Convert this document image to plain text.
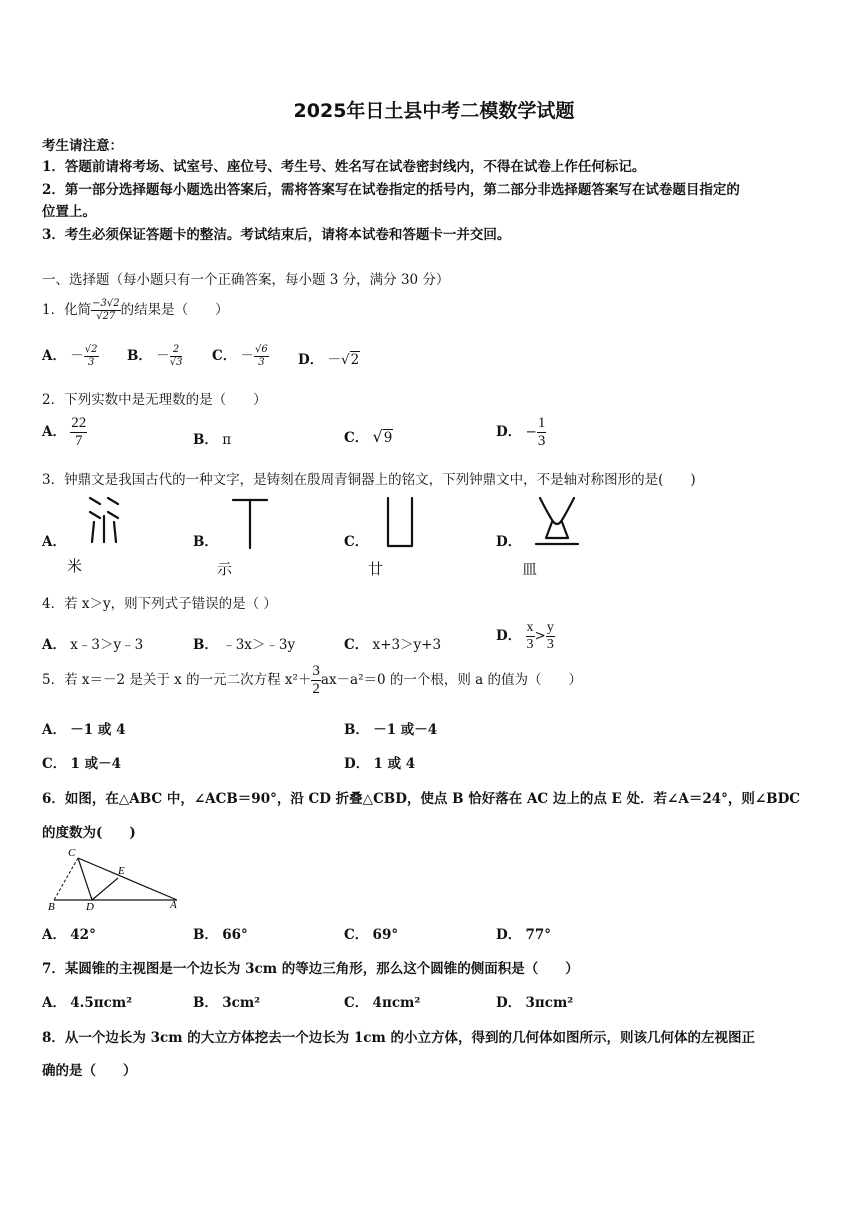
2025年日土县中考二模数学试题
考生请注意：
1．答题前请将考场、试室号、座位号、考生号、姓名写在试卷密封线内，不得在试卷上作任何标记。
2．第一部分选择题每小题选出答案后，需将答案写在试卷指定的括号内，第二部分非选择题答案写在试卷题目指定的
位置上。
3．考生必须保证答题卡的整洁。考试结束后，请将本试卷和答题卡一并交回。
一、选择题（每小题只有一个正确答案，每小题 3 分，满分 30 分）
1．化简 $\frac{-3√2}{√27}$ 的结果是（　　）
A． － $\frac{√2}{3}$ B． － $\frac{2}{√3}$ C． － $\frac{√6}{3}$ D． －√2
2．下列实数中是无理数的是（　　）
A． $\frac{22}{7}$	B． π	C． √9	D． − $\frac{1}{3}$
3．钟鼎文是我国古代的一种文字，是铸刻在殷周青铜器上的铭文，下列钟鼎文中，不是轴对称图形的是(　　)
A．
米
B．
示
C．
廿
D．
皿
4．若 x＞y，则下列式子错误的是（ ）
A． x﹣3＞y﹣3	B． ﹣3x＞﹣3y	C． x+3＞y+3
D． $\frac{x}{3} > \frac{y}{3}$
5．若 x＝－2 是关于 x 的一元二次方程 $x^2+ \frac{3}{2} ax-a^2=0$ 的一个根，则 a 的值为（　　）
A． －1 或 4	B． －1 或－4
C． 1 或－4	D． 1 或 4
6．如图，在△ABC 中，∠ACB＝90°，沿 CD 折叠△CBD，使点 B 恰好落在 AC 边上的点 E 处．若∠A＝24°，则∠BDC
的度数为(　　)
C
E
B	D	A
A． 42°	B． 66°	C． 69°	D． 77°
7．某圆锥的主视图是一个边长为 3cm 的等边三角形，那么这个圆锥的侧面积是（　　）
A． 4.5πcm²	B． 3cm²	C． 4πcm²	D． 3πcm²
8．从一个边长为 3cm 的大立方体挖去一个边长为 1cm 的小立方体，得到的几何体如图所示，则该几何体的左视图正
确的是（　　）
